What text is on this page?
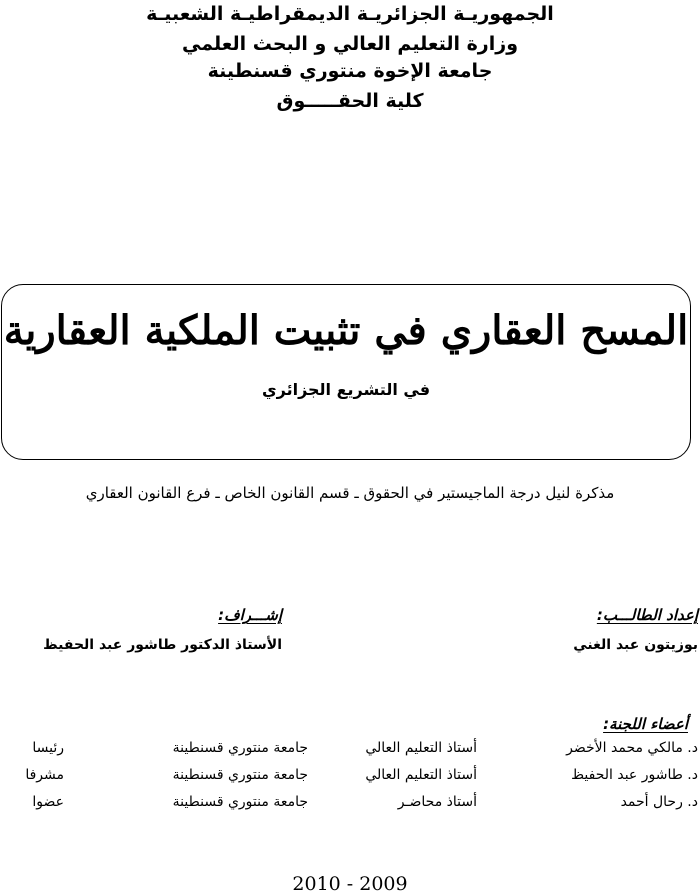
الجمهوريـة الجزائريـة الديمقراطيـة الشعبيـة
وزارة التعليم العالي و البحث العلمي
جامعة الإخوة منتوري قسنطينة
كلية الحقـــــوق
المسح العقاري في تثبيت الملكية العقارية
في التشريع الجزائري
مذكرة لنيل درجة الماجيستير في الحقوق ـ قسم القانون الخاص ـ فرع القانون العقاري
إعداد الطالـــب:
إشـــراف:
بوزيتون عبد الغني
الأستاذ الدكتور طاشور عبد الحفيظ
أعضاء اللجنة:
د. مالكي محمد الأخضر
أستاذ التعليم العالي
جامعة منتوري قسنطينة
رئيسا
د. طاشور عبد الحفيظ
أستاذ التعليم العالي
جامعة منتوري قسنطينة
مشرفا
د. رحال أحمد
أستاذ محاضـر
جامعة منتوري قسنطينة
عضوا
2010 - 2009
